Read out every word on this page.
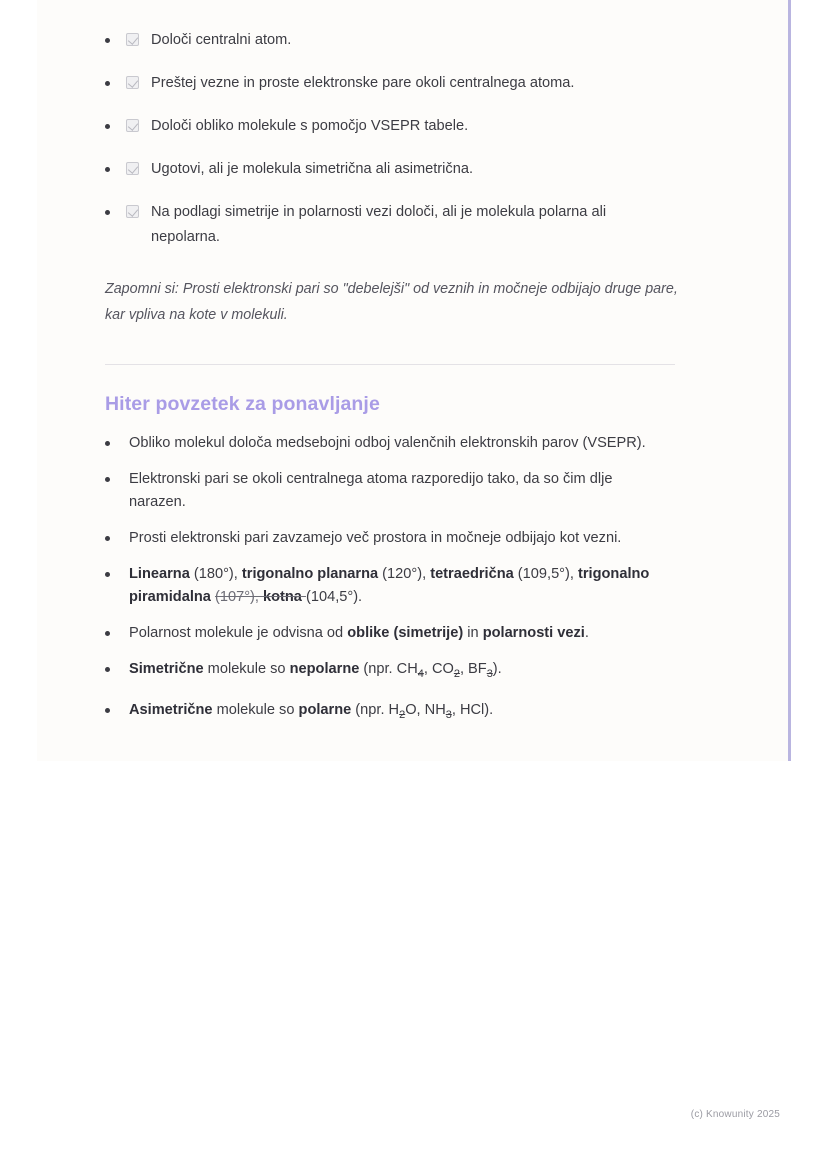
Določi centralni atom.
Preštej vezne in proste elektronske pare okoli centralnega atoma.
Določi obliko molekule s pomočjo VSEPR tabele.
Ugotovi, ali je molekula simetrična ali asimetrična.
Na podlagi simetrije in polarnosti vezi določi, ali je molekula polarna ali nepolarna.

Zapomni si: Prosti elektronski pari so "debelejši" od veznih in močneje odbijajo druge pare, kar vpliva na kote v molekuli.

Hiter povzetek za ponavljanje
Obliko molekul določa medsebojni odboj valenčnih elektronskih parov (VSEPR).
Elektronski pari se okoli centralnega atoma razporedijo tako, da so čim dlje narazen.
Prosti elektronski pari zavzamejo več prostora in močneje odbijajo kot vezni.
Linearna (180°), trigonalno planarna (120°), tetraedrična (109,5°), trigonalno piramidalna (107°), kotna (104,5°).
Polarnost molekule je odvisna od oblike (simetrije) in polarnosti vezi.
Simetrične molekule so nepolarne (npr. $CH_4$, $CO_2$, $BF_3$).
Asimetrične molekule so polarne (npr. $H_2O$, $NH_3$, HCl).
(c) Knowunity 2025
